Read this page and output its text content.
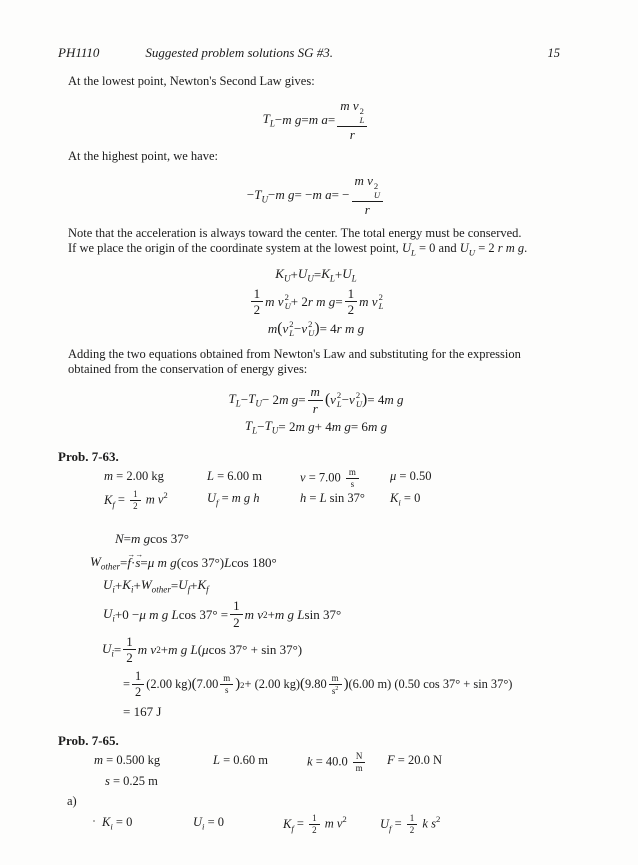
PH1110	Suggested problem solutions SG #3.	15

At the lowest point, Newton's Second Law gives:

$T_L - m$ g = m a =
m v 2
L
r

At the highest point, we have:

− $T_U - m$ g = − m a = −
m v 2
U
r

Note that the acceleration is always toward the center. The total energy must be conserved.
If we place the origin of the coordinate system at the lowest point, $U_L = 0$ and $U_U = 2$ r m g.

$K_U + U_U = K_L + U_L$
1
2
m v 2
U + 2 r m g =
1
2
m v 2
L
m ( v 2
L − v 2
U ) = 4 r m g

Adding the two equations obtained from Newton's Law and substituting for the expression
obtained from the conservation of energy gives:

$T_L - T_U - 2$ m g =
m
r ( v 2
L − v 2
U ) = 4 m g
$T_L - T_U = 2$ m g + 4 m g = 6 m g
Prob. 7-63.
m = 2.00 kg	L = 6.00 m	$v = 7.00 \frac{m}{s}$ μ = 0.50
$K_f = \frac{1}{2}$ m $v^2$	$U_f = m$ g h	h = L sin 37°	$K_i = 0$
N = m g cos 37°
$W_{other} = f$ → · s → = μ m g (cos 37°) L cos 180°
$U_i + K_i + W_{other} = U_f + K_f$
$U_i +0 - \mu$ m g L cos 37° =
1
2
m v 2 + m g L sin 37°
$U_i$ =
1
2
m v 2 + m g L ( μ cos 37° + sin 37°)
=
1
2
(2.00 kg) ( 7.00 m
s ) 2 + (2.00 kg) ( 9.80 m
$s^2$ ) (6.00 m) (0.50 cos 37° + sin 37°)
= 167 J
Prob. 7-65.
m = 0.500 kg	L = 0.60 m	$k = 40.0 \frac{N}{m}$ F = 20.0 N
s = 0.25 m
a)
$K_i = 0$	$U_i = 0$	$K_f = \frac{1}{2}$ m $v^2$	$U_f = \frac{1}{2}$ k $s^2$
